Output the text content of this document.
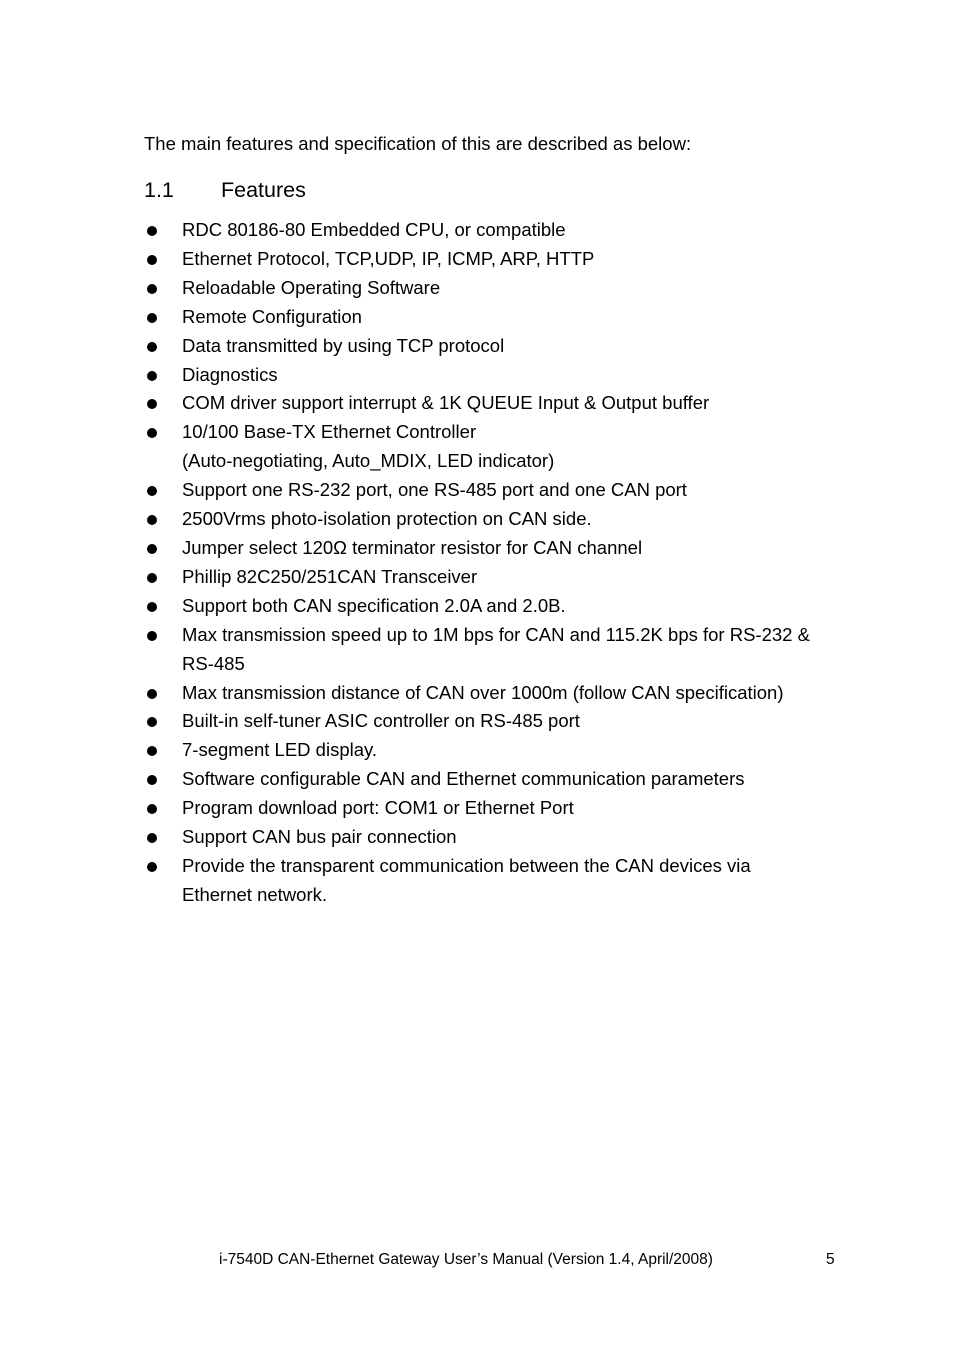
The main features and specification of this are described as below:

1.1 Features
RDC 80186-80 Embedded CPU, or compatible
Ethernet Protocol, TCP,UDP, IP, ICMP, ARP, HTTP
Reloadable Operating Software
Remote Configuration
Data transmitted by using TCP protocol
Diagnostics
COM driver support interrupt & 1K QUEUE Input & Output buffer
10/100 Base-TX Ethernet Controller
(Auto-negotiating, Auto_MDIX, LED indicator)
Support one RS-232 port, one RS-485 port and one CAN port
2500Vrms photo-isolation protection on CAN side.
Jumper select 120Ω terminator resistor for CAN channel
Phillip 82C250/251CAN Transceiver
Support both CAN specification 2.0A and 2.0B.
Max transmission speed up to 1M bps for CAN and 115.2K bps for RS-232 &
RS-485
Max transmission distance of CAN over 1000m (follow CAN specification)
Built-in self-tuner ASIC controller on RS-485 port
7-segment LED display.
Software configurable CAN and Ethernet communication parameters
Program download port: COM1 or Ethernet Port
Support CAN bus pair connection
Provide the transparent communication between the CAN devices via
Ethernet network.
i-7540D CAN-Ethernet Gateway User’s Manual (Version 1.4, April/2008)	5
